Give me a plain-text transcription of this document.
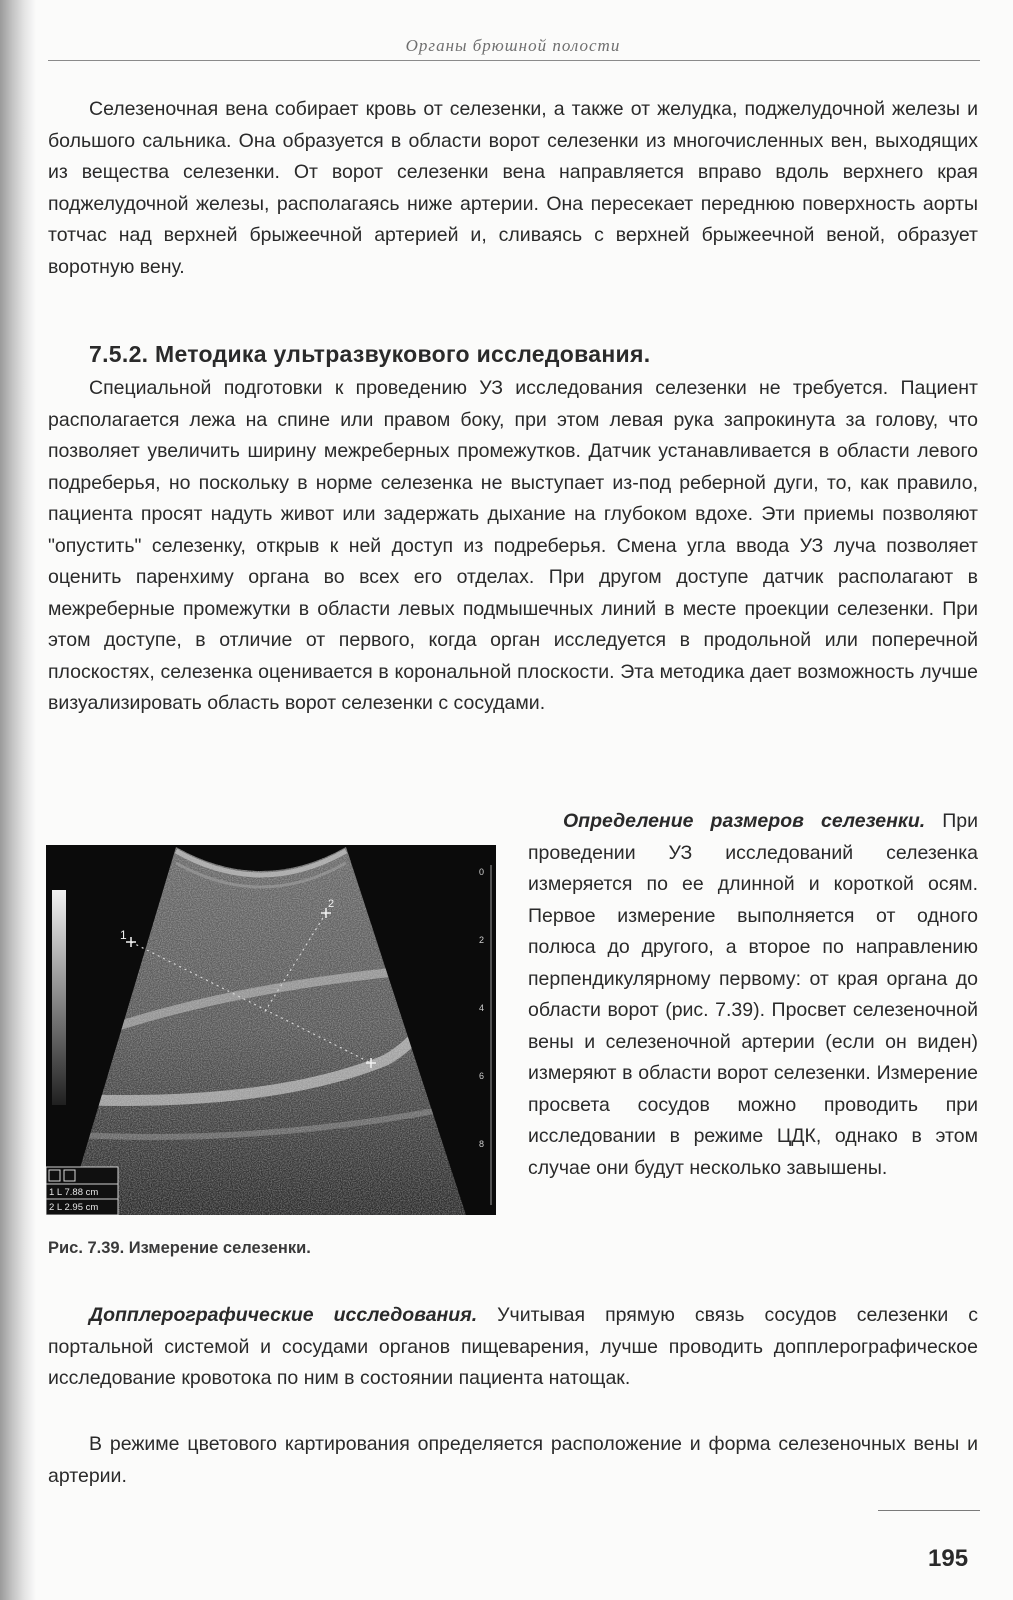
Органы брюшной полости

Селезеночная вена собирает кровь от селезенки, а также от желудка, поджелудочной железы и большого сальника. Она образуется в области ворот селезенки из многочисленных вен, выходящих из вещества селезенки. От ворот селезенки вена направляется вправо вдоль верхнего края поджелудочной железы, располагаясь ниже артерии. Она пересекает переднюю поверхность аорты тотчас над верхней брыжеечной артерией и, сливаясь с верхней брыжеечной веной, образует воротную вену.

7.5.2. Методика ультразвукового исследования.

Специальной подготовки к проведению УЗ исследования селезенки не требуется. Пациент располагается лежа на спине или правом боку, при этом левая рука запрокинута за голову, что позволяет увеличить ширину межреберных промежутков. Датчик устанавливается в области левого подреберья, но поскольку в норме селезенка не выступает из-под реберной дуги, то, как правило, пациента просят надуть живот или задержать дыхание на глубоком вдохе. Эти приемы позволяют "опустить" селезенку, открыв к ней доступ из подреберья. Смена угла ввода УЗ луча позволяет оценить паренхиму органа во всех его отделах. При другом доступе датчик располагают в межреберные промежутки в области левых подмышечных линий в месте проекции селезенки. При этом доступе, в отличие от первого, когда орган исследуется в продольной или поперечной плоскостях, селезенка оценивается в корональной плоскости. Эта методика дает возможность лучше визуализировать область ворот селезенки с сосудами.

0
2
4
6
8
1
2
1 L 7.88 cm
2 L 2.95 cm
Рис. 7.39. Измерение селезенки.

Определение размеров селезенки. При проведении УЗ исследований селезенка измеряется по ее длинной и короткой осям. Первое измерение выполняется от одного полюса до другого, а второе по направлению перпендикулярному первому: от края органа до области ворот (рис. 7.39). Просвет селезеночной вены и селезеночной артерии (если он виден) измеряют в области ворот селезенки. Измерение просвета сосудов можно проводить при исследовании в режиме ЦДК, однако в этом случае они будут несколько завышены.

Допплерографические исследования. Учитывая прямую связь сосудов селезенки с портальной системой и сосудами органов пищеварения, лучше проводить допплерографическое исследование кровотока по ним в состоянии пациента натощак.

В режиме цветового картирования определяется расположение и форма селезеночных вены и артерии.

195
